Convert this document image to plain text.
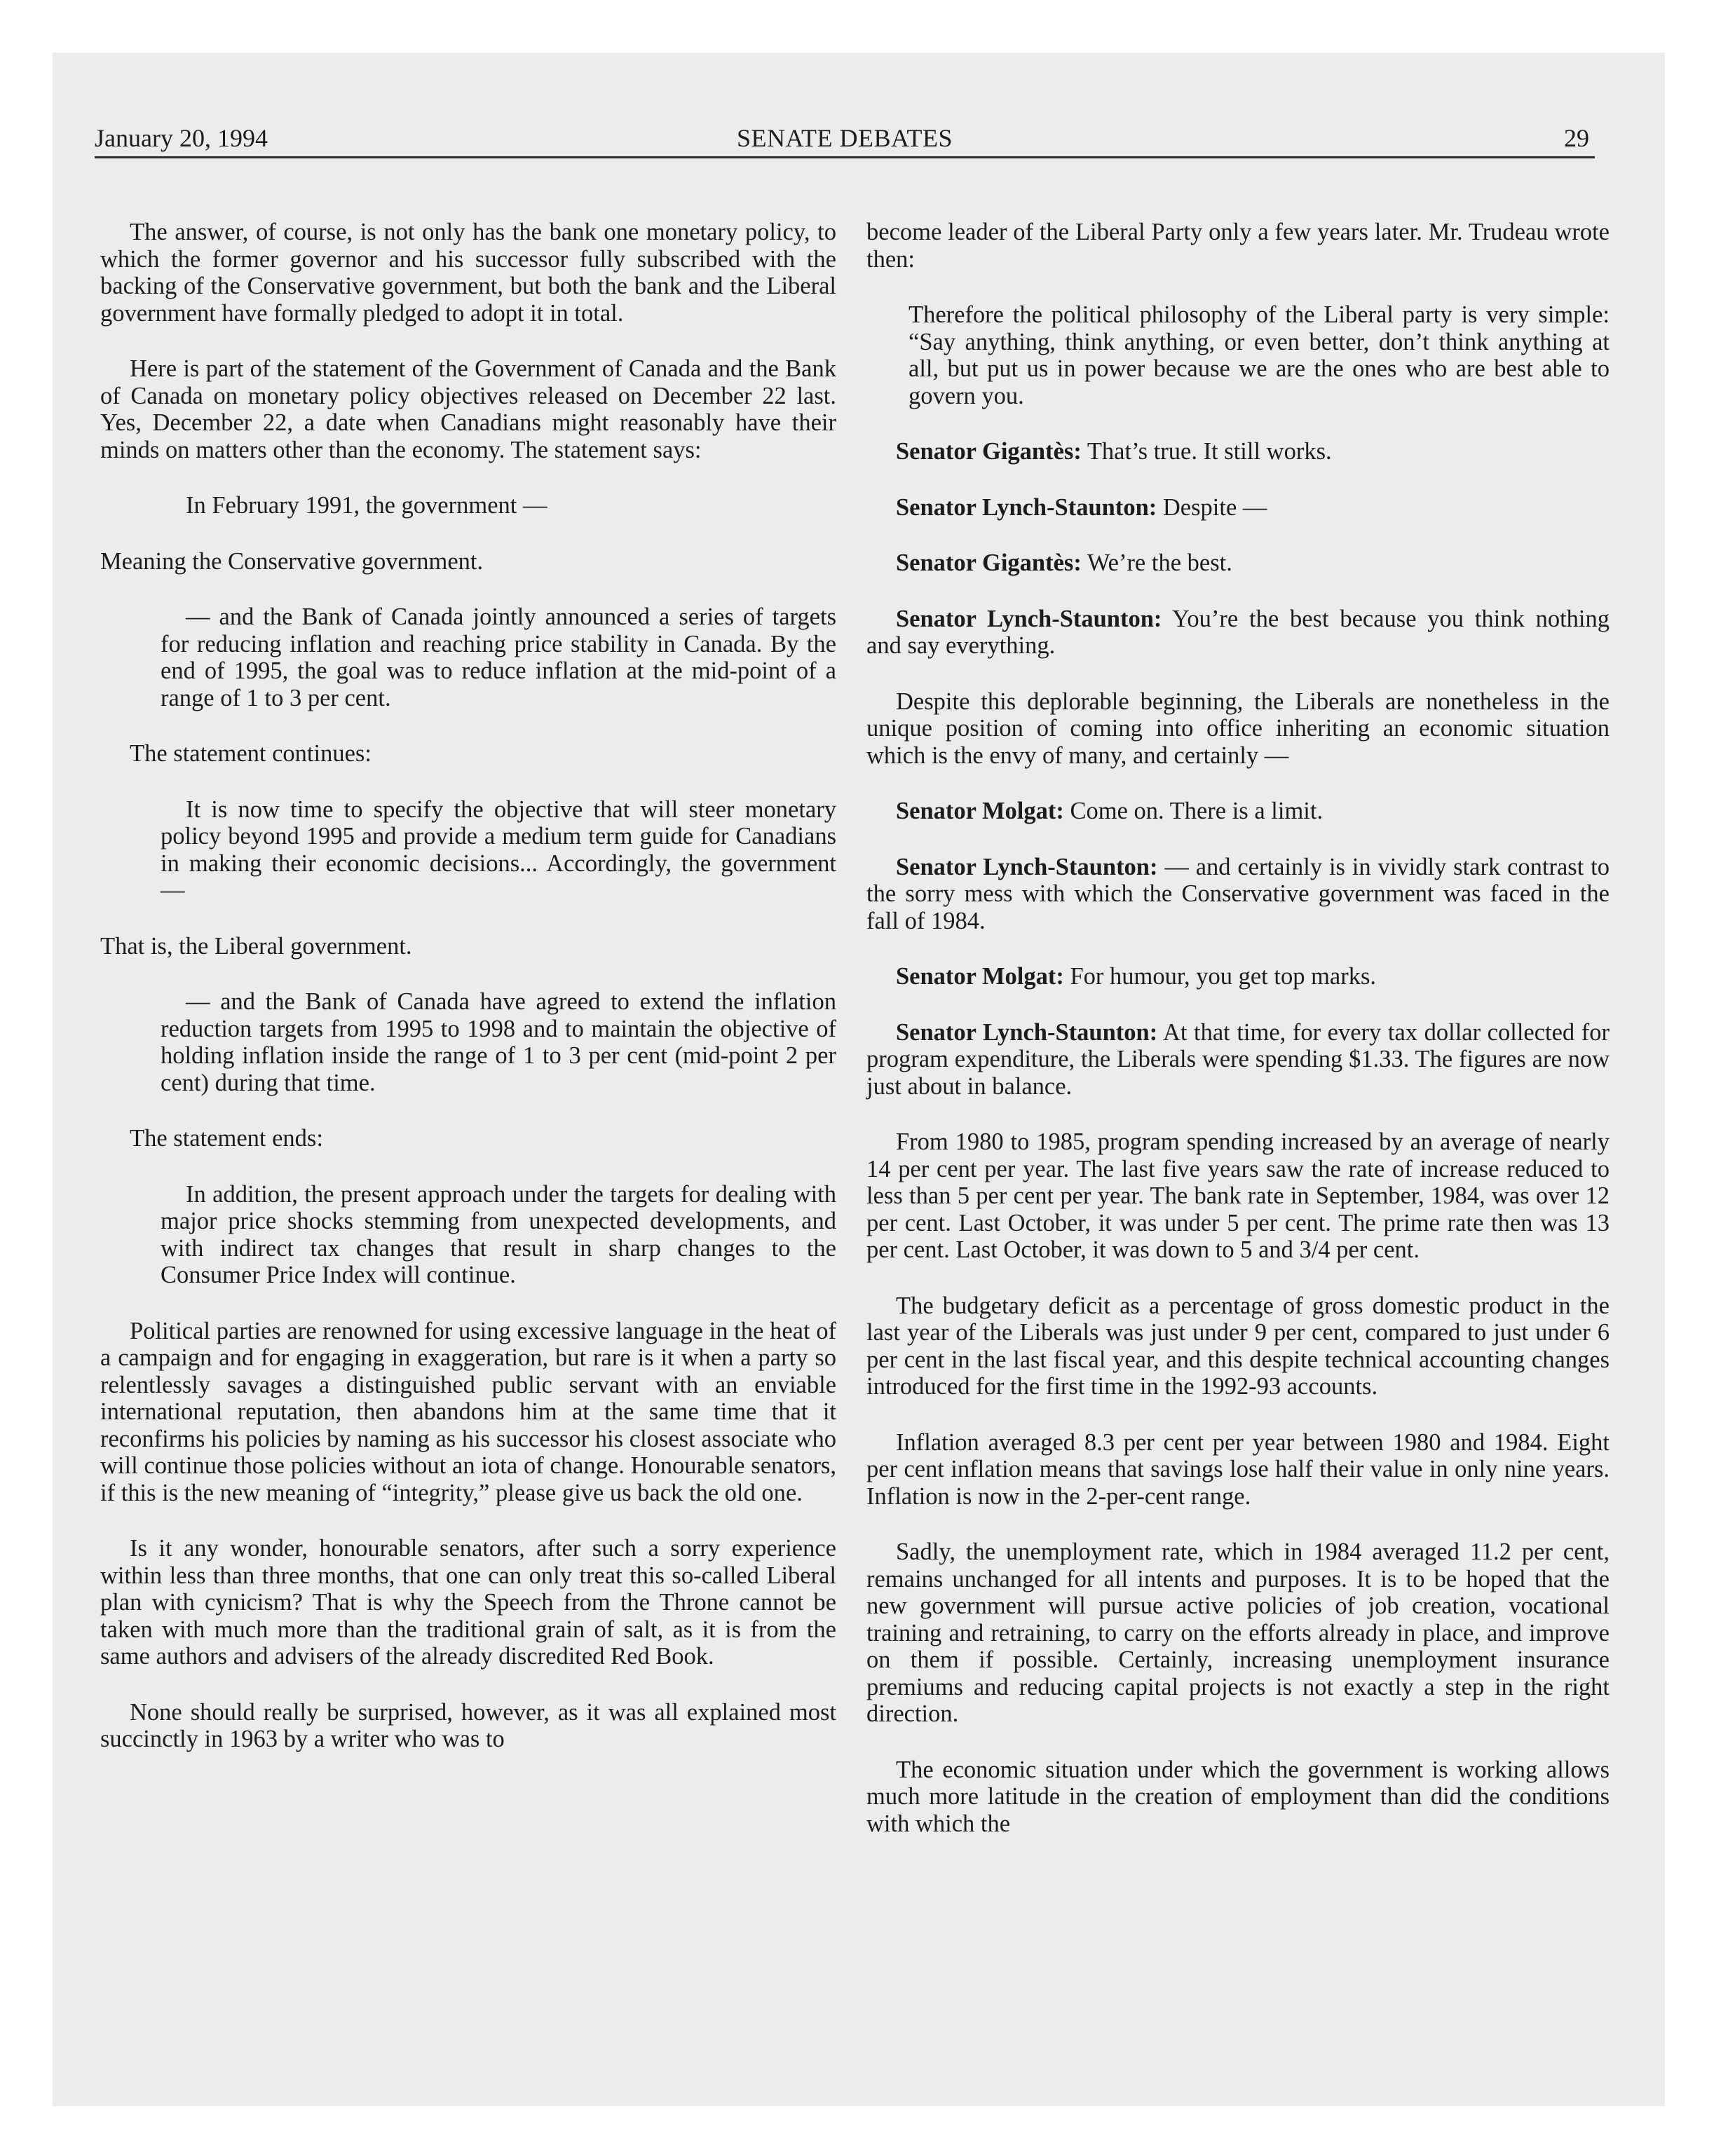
January 20, 1994	SENATE DEBATES	29

The answer, of course, is not only has the bank one monetary policy, to which the former governor and his successor fully subscribed with the backing of the Conservative government, but both the bank and the Liberal government have formally pledged to adopt it in total.

Here is part of the statement of the Government of Canada and the Bank of Canada on monetary policy objectives released on December 22 last. Yes, December 22, a date when Canadians might reasonably have their minds on matters other than the economy. The statement says:

In February 1991, the government —

Meaning the Conservative government.

— and the Bank of Canada jointly announced a series of targets for reducing inflation and reaching price stability in Canada. By the end of 1995, the goal was to reduce inflation at the mid-point of a range of 1 to 3 per cent.

The statement continues:

It is now time to specify the objective that will steer monetary policy beyond 1995 and provide a medium term guide for Canadians in making their economic decisions... Accordingly, the government —

That is, the Liberal government.

— and the Bank of Canada have agreed to extend the inflation reduction targets from 1995 to 1998 and to maintain the objective of holding inflation inside the range of 1 to 3 per cent (mid-point 2 per cent) during that time.

The statement ends:

In addition, the present approach under the targets for dealing with major price shocks stemming from unexpected developments, and with indirect tax changes that result in sharp changes to the Consumer Price Index will continue.

Political parties are renowned for using excessive language in the heat of a campaign and for engaging in exaggeration, but rare is it when a party so relentlessly savages a distinguished public servant with an enviable international reputation, then abandons him at the same time that it reconfirms his policies by naming as his successor his closest associate who will continue those policies without an iota of change. Honourable senators, if this is the new meaning of “integrity,” please give us back the old one.

Is it any wonder, honourable senators, after such a sorry experience within less than three months, that one can only treat this so-called Liberal plan with cynicism? That is why the Speech from the Throne cannot be taken with much more than the traditional grain of salt, as it is from the same authors and advisers of the already discredited Red Book.

None should really be surprised, however, as it was all explained most succinctly in 1963 by a writer who was to

become leader of the Liberal Party only a few years later. Mr. Trudeau wrote then:

Therefore the political philosophy of the Liberal party is very simple: “Say anything, think anything, or even better, don’t think anything at all, but put us in power because we are the ones who are best able to govern you.

Senator Gigantès: That’s true. It still works.

Senator Lynch-Staunton: Despite —

Senator Gigantès: We’re the best.

Senator Lynch-Staunton: You’re the best because you think nothing and say everything.

Despite this deplorable beginning, the Liberals are nonetheless in the unique position of coming into office inheriting an economic situation which is the envy of many, and certainly —

Senator Molgat: Come on. There is a limit.

Senator Lynch-Staunton: — and certainly is in vividly stark contrast to the sorry mess with which the Conservative government was faced in the fall of 1984.

Senator Molgat: For humour, you get top marks.

Senator Lynch-Staunton: At that time, for every tax dollar collected for program expenditure, the Liberals were spending $1.33. The figures are now just about in balance.

From 1980 to 1985, program spending increased by an average of nearly 14 per cent per year. The last five years saw the rate of increase reduced to less than 5 per cent per year. The bank rate in September, 1984, was over 12 per cent. Last October, it was under 5 per cent. The prime rate then was 13 per cent. Last October, it was down to 5 and 3/4 per cent.

The budgetary deficit as a percentage of gross domestic product in the last year of the Liberals was just under 9 per cent, compared to just under 6 per cent in the last fiscal year, and this despite technical accounting changes introduced for the first time in the 1992-93 accounts.

Inflation averaged 8.3 per cent per year between 1980 and 1984. Eight per cent inflation means that savings lose half their value in only nine years. Inflation is now in the 2-per-cent range.

Sadly, the unemployment rate, which in 1984 averaged 11.2 per cent, remains unchanged for all intents and purposes. It is to be hoped that the new government will pursue active policies of job creation, vocational training and retraining, to carry on the efforts already in place, and improve on them if possible. Certainly, increasing unemployment insurance premiums and reducing capital projects is not exactly a step in the right direction.

The economic situation under which the government is working allows much more latitude in the creation of employment than did the conditions with which the
